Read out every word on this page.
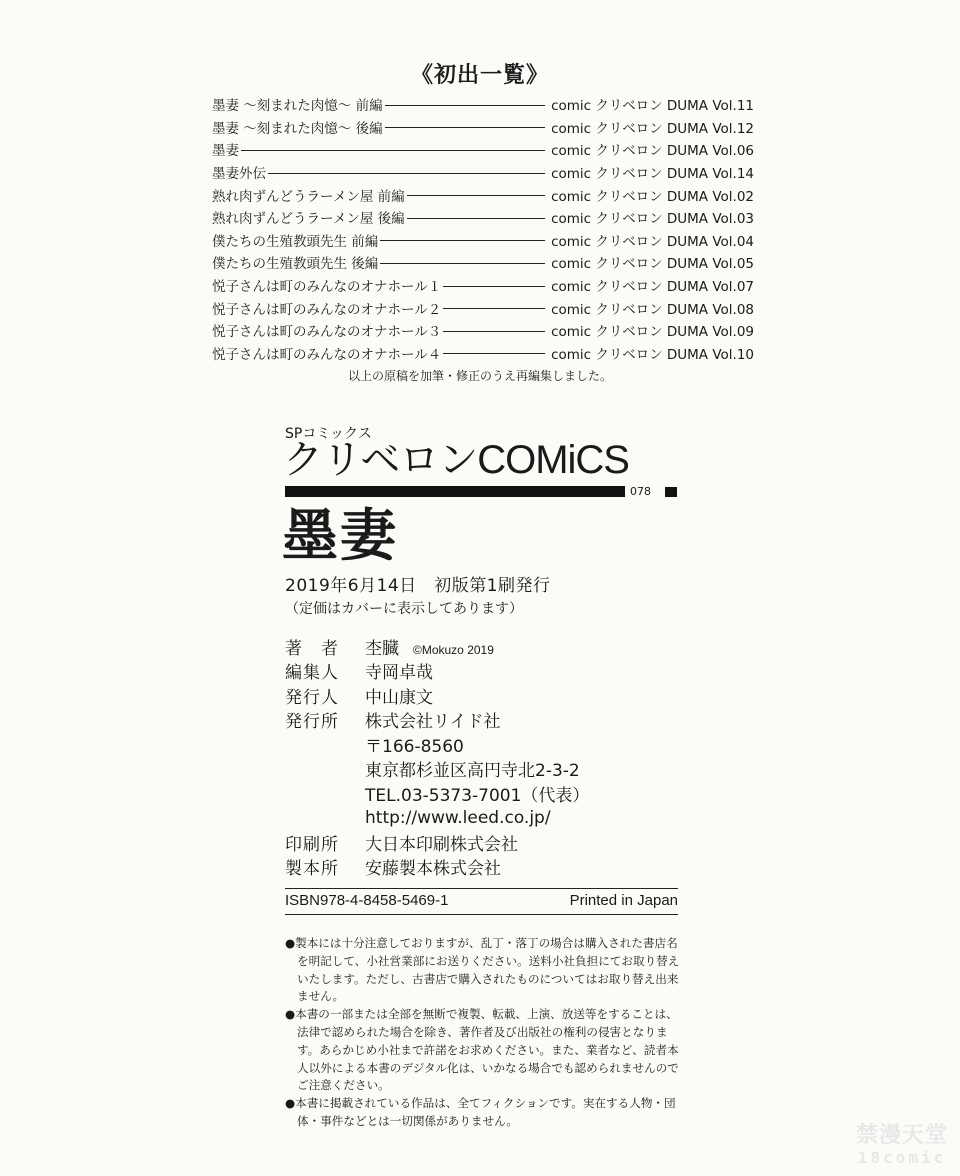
《初出一覧》
墨妻 ～刻まれた肉憶～ 前編	comic クリベロン DUMA Vol.11
墨妻 ～刻まれた肉憶～ 後編	comic クリベロン DUMA Vol.12
墨妻	comic クリベロン DUMA Vol.06
墨妻外伝	comic クリベロン DUMA Vol.14
熟れ肉ずんどうラーメン屋 前編	comic クリベロン DUMA Vol.02
熟れ肉ずんどうラーメン屋 後編	comic クリベロン DUMA Vol.03
僕たちの生殖教頭先生 前編	comic クリベロン DUMA Vol.04
僕たちの生殖教頭先生 後編	comic クリベロン DUMA Vol.05
悦子さんは町のみんなのオナホール１	comic クリベロン DUMA Vol.07
悦子さんは町のみんなのオナホール２	comic クリベロン DUMA Vol.08
悦子さんは町のみんなのオナホール３	comic クリベロン DUMA Vol.09
悦子さんは町のみんなのオナホール４	comic クリベロン DUMA Vol.10
以上の原稿を加筆・修正のうえ再編集しました。
SPコミックス
クリベロンCOMiCS
078
墨妻
2019年6月14日　初版第1刷発行
（定価はカバーに表示してあります）
著　者	杢臓 ©Mokuzo 2019
編集人	寺岡卓哉
発行人	中山康文
発行所	株式会社リイド社
〒166-8560
東京都杉並区高円寺北2-3-2
TEL.03-5373-7001（代表）
http://www.leed.co.jp/
印刷所	大日本印刷株式会社
製本所	安藤製本株式会社
ISBN978-4-8458-5469-1	Printed in Japan
●製本には十分注意しておりますが、乱丁・落丁の場合は購入された書店名を明記して、小社営業部にお送りください。送料小社負担にてお取り替えいたします。ただし、古書店で購入されたものについてはお取り替え出来ません。
●本書の一部または全部を無断で複製、転載、上演、放送等をすることは、法律で認められた場合を除き、著作者及び出版社の権利の侵害となります。あらかじめ小社まで許諾をお求めください。また、業者など、読者本人以外による本書のデジタル化は、いかなる場合でも認められませんのでご注意ください。
●本書に掲載されている作品は、全てフィクションです。実在する人物・団体・事件などとは一切関係がありません。
禁漫天堂
18comic
